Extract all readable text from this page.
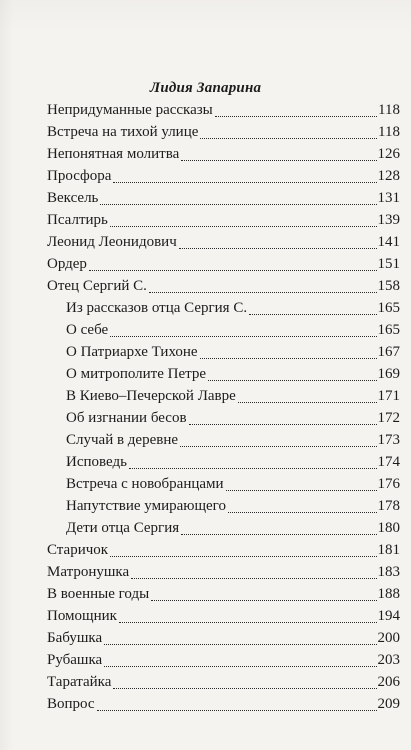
Лидия Запарина
Непридуманные рассказы	118
Встреча на тихой улице	118
Непонятная молитва	126
Просфора	128
Вексель	131
Псалтирь	139
Леонид Леонидович	141
Ордер	151
Отец Сергий С.	158
Из рассказов отца Сергия С.	165
О себе	165
О Патриархе Тихоне	167
О митрополите Петре	169
В Киево–Печерской Лавре	171
Об изгнании бесов	172
Случай в деревне	173
Исповедь	174
Встреча с новобранцами	176
Напутствие умирающего	178
Дети отца Сергия	180
Старичок	181
Матронушка	183
В военные годы	188
Помощник	194
Бабушка	200
Рубашка	203
Таратайка	206
Вопрос	209
